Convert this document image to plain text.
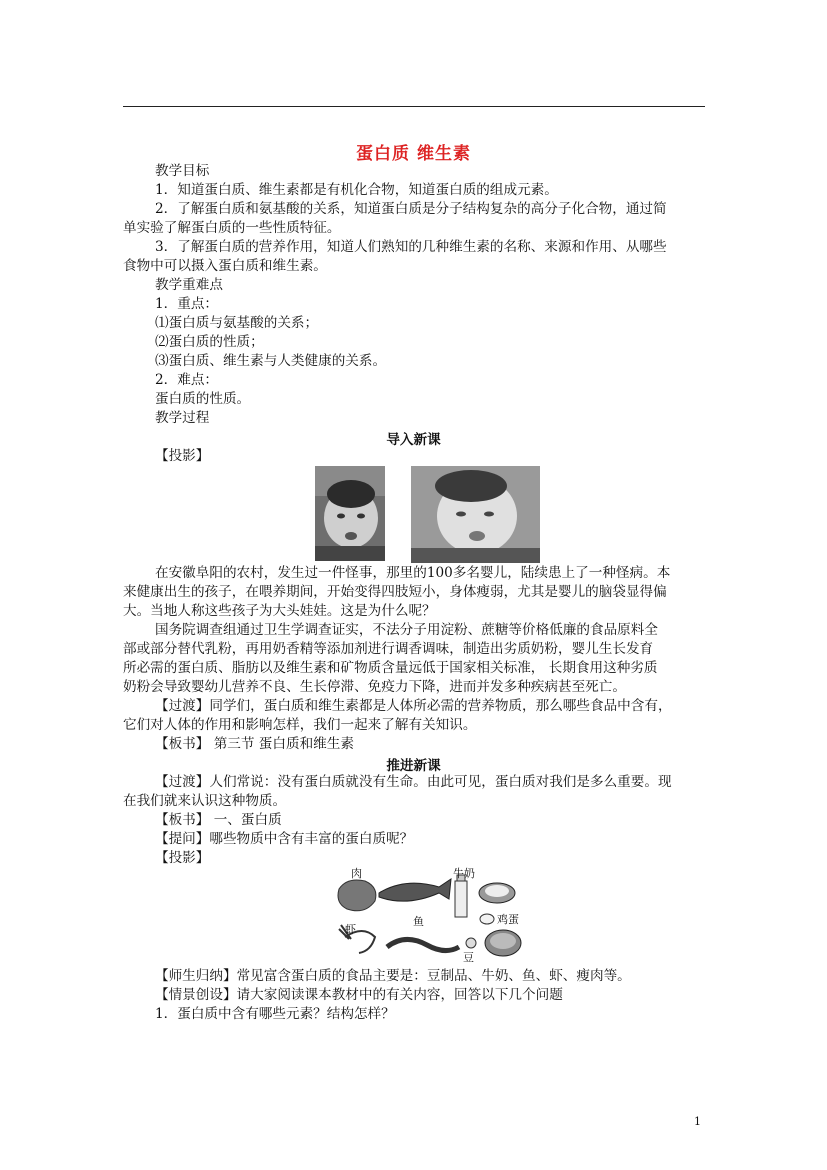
蛋白质 维生素
教学目标
1．知道蛋白质、维生素都是有机化合物，知道蛋白质的组成元素。
2．了解蛋白质和氨基酸的关系，知道蛋白质是分子结构复杂的高分子化合物，通过简
单实验了解蛋白质的一些性质特征。
3．了解蛋白质的营养作用，知道人们熟知的几种维生素的名称、来源和作用、从哪些
食物中可以摄入蛋白质和维生素。
教学重难点
1．重点：
⑴蛋白质与氨基酸的关系；
⑵蛋白质的性质；
⑶蛋白质、维生素与人类健康的关系。
2．难点：
蛋白质的性质。
教学过程
导入新课
【投影】
在安徽阜阳的农村，发生过一件怪事，那里的100多名婴儿，陆续患上了一种怪病。本
来健康出生的孩子，在喂养期间，开始变得四肢短小，身体瘦弱，尤其是婴儿的脑袋显得偏
大。当地人称这些孩子为大头娃娃。这是为什么呢？
国务院调查组通过卫生学调查证实，不法分子用淀粉、蔗糖等价格低廉的食品原料全
部或部分替代乳粉，再用奶香精等添加剂进行调香调味，制造出劣质奶粉，婴儿生长发育
所必需的蛋白质、脂肪以及维生素和矿物质含量远低于国家相关标准， 长期食用这种劣质
奶粉会导致婴幼儿营养不良、生长停滞、免疫力下降，进而并发多种疾病甚至死亡。
【过渡】同学们，蛋白质和维生素都是人体所必需的营养物质，那么哪些食品中含有，
它们对人体的作用和影响怎样，我们一起来了解有关知识。
【板书】 第三节 蛋白质和维生素
推进新课
【过渡】人们常说：没有蛋白质就没有生命。由此可见，蛋白质对我们是多么重要。现
在我们就来认识这种物质。
【板书】 一、蛋白质
【提问】哪些物质中含有丰富的蛋白质呢？
【投影】
肉	牛奶
鱼
虾
鸡蛋
豆
【师生归纳】常见富含蛋白质的食品主要是：豆制品、牛奶、鱼、虾、瘦肉等。
【情景创设】请大家阅读课本教材中的有关内容，回答以下几个问题
1．蛋白质中含有哪些元素？结构怎样？
1
